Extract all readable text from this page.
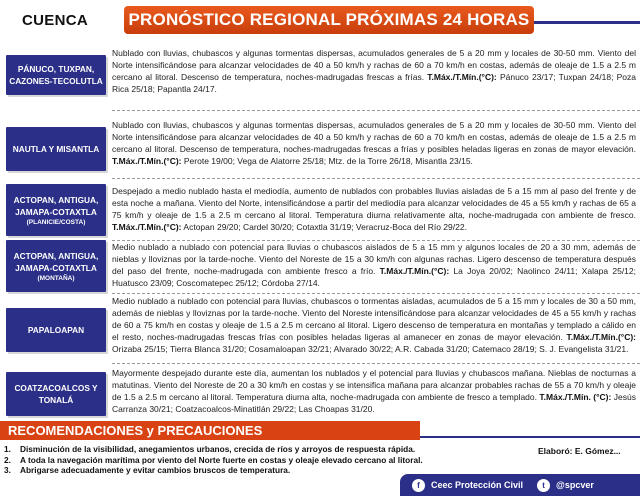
CUENCA PRONÓSTICO REGIONAL PRÓXIMAS 24 HORAS
PÁNUCO, TUXPAN, CAZONES-TECOLUTLA
Nublado con lluvias, chubascos y algunas tormentas dispersas, acumulados generales de 5 a 20 mm y locales de 30-50 mm. Viento del Norte intensificándose para alcanzar velocidades de 40 a 50 km/h y rachas de 60 a 70 km/h en costas, además de oleaje de 1.5 a 2.5 m cercano al litoral. Descenso de temperatura, noches-madrugadas frescas a frías. T.Máx./T.Mín.(°C): Pánuco 23/17; Tuxpan 24/18; Poza Rica 25/18; Papantla 24/17.
NAUTLA Y MISANTLA
Nublado con lluvias, chubascos y algunas tormentas dispersas, acumulados generales de 5 a 20 mm y locales de 30-50 mm. Viento del Norte intensificándose para alcanzar velocidades de 40 a 50 km/h y rachas de 60 a 70 km/h en costas, además de oleaje de 1.5 a 2.5 m cercano al litoral. Descenso de temperatura, noches-madrugadas frescas a frías y posibles heladas ligeras en zonas de mayor elevación. T.Máx./T.Mín.(°C): Perote 19/00; Vega de Alatorre 25/18; Mtz. de la Torre 26/18, Misantla 23/15.
ACTOPAN, ANTIGUA, JAMAPA-COTAXTLA
(PLANICIE/COSTA)
Despejado a medio nublado hasta el mediodía, aumento de nublados con probables lluvias aisladas de 5 a 15 mm al paso del frente y de esta noche a mañana. Viento del Norte, intensificándose a partir del mediodía para alcanzar velocidades de 45 a 55 km/h y rachas de 65 a 75 km/h y oleaje de 1.5 a 2.5 m cercano al litoral. Temperatura diurna relativamente alta, noche-madrugada con ambiente de fresco. T.Máx./T.Mín.(°C): Actopan 29/20; Cardel 30/20; Cotaxtla 31/19; Veracruz-Boca del Río 29/22.
ACTOPAN, ANTIGUA, JAMAPA-COTAXTLA
(MONTAÑA)
Medio nublado a nublado con potencial para lluvias o chubascos aislados de 5 a 15 mm y algunos locales de 20 a 30 mm, además de nieblas y lloviznas por la tarde-noche. Viento del Noreste de 15 a 30 km/h con algunas rachas. Ligero descenso de temperatura después del paso del frente, noche-madrugada con ambiente fresco a frío. T.Máx./T.Mín.(°C): La Joya 20/02; Naolinco 24/11; Xalapa 25/12; Huatusco 23/09; Coscomatepec 25/12; Córdoba 27/14.
PAPALOAPAN
Medio nublado a nublado con potencial para lluvias, chubascos o tormentas aisladas, acumulados de 5 a 15 mm y locales de 30 a 50 mm, además de nieblas y lloviznas por la tarde-noche. Viento del Noreste intensificándose para alcanzar velocidades de 45 a 55 km/h y rachas de 60 a 75 km/h en costas y oleaje de 1.5 a 2.5 m cercano al litoral. Ligero descenso de temperatura en montañas y templado a cálido en el resto, noches-madrugadas frescas frías con posibles heladas ligeras al amanecer en zonas de mayor elevación. T.Máx./T.Mín.(°C): Orizaba 25/15; Tierra Blanca 31/20; Cosamaloapan 32/21; Alvarado 30/22; A.R. Cabada 31/20; Catemaco 28/19; S. J. Evangelista 31/21.
COATZACOALCOS Y TONALÁ
Mayormente despejado durante este día, aumentan los nublados y el potencial para lluvias y chubascos mañana. Nieblas de nocturnas a matutinas. Viento del Noreste de 20 a 30 km/h en costas y se intensifica mañana para alcanzar probables rachas de 55 a 70 km/h y oleaje de 1.5 a 2.5 m cercano al litoral. Temperatura diurna alta, noche-madrugada con ambiente de fresco a templado. T.Máx./T.Mín. (°C): Jesús Carranza 30/21; Coatzacoalcos-Minatitlán 29/22; Las Choapas 31/20.
RECOMENDACIONES y PRECAUCIONES
1. Disminución de la visibilidad, anegamientos urbanos, crecida de ríos y arroyos de respuesta rápida.
2. A toda la navegación marítima por viento del Norte fuerte en costas y oleaje elevado cercano al litoral.
3. Abrigarse adecuadamente y evitar cambios bruscos de temperatura.
Elaboró: E. Gómez...
f	Ceec Protección Civil	t	@spcver
